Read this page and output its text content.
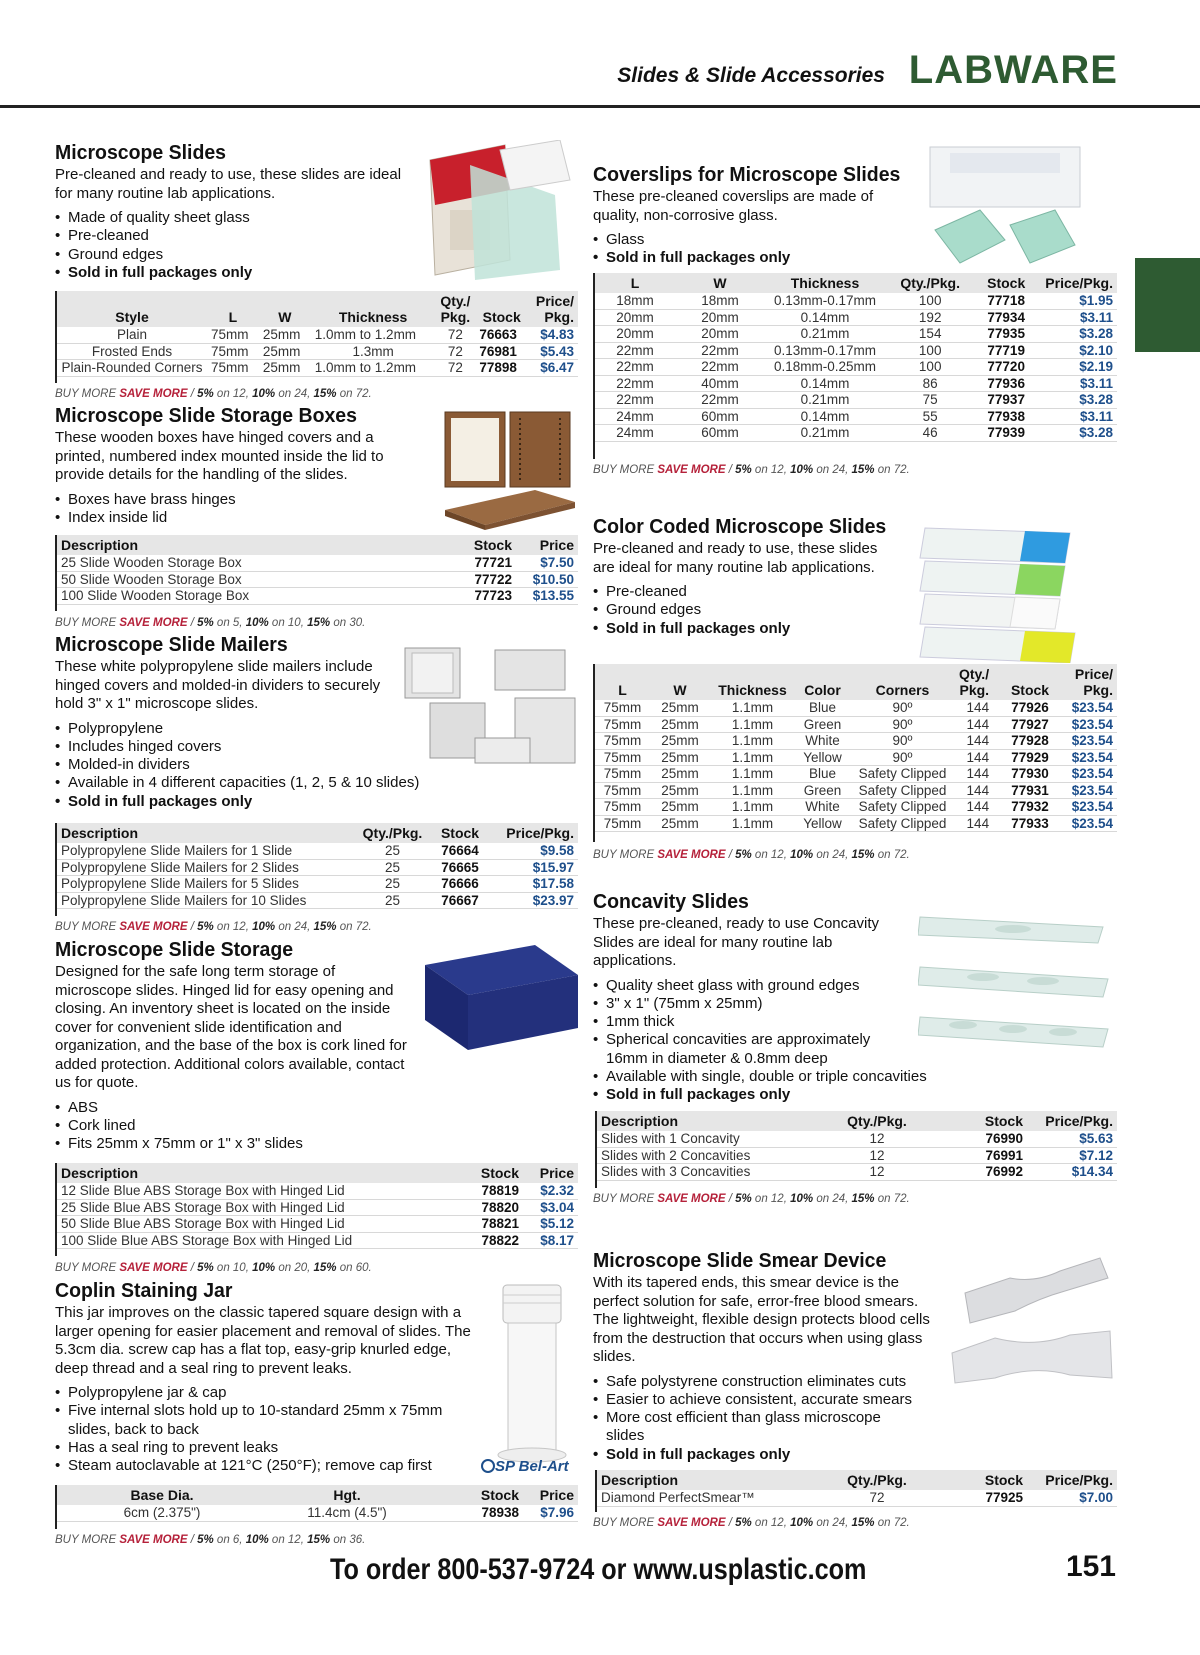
Slides & Slide Accessories LABWARE
Microscope Slides
Pre-cleaned and ready to use, these slides are ideal for many routine lab applications.
• Made of quality sheet glass
• Pre-cleaned
• Ground edges
• Sold in full packages only
Style	L	W	Thickness	Qty./ Pkg.	Stock	Price/ Pkg.
Plain	75mm	25mm	1.0mm to 1.2mm	72	76663	$4.83
Frosted Ends	75mm	25mm	1.3mm	72	76981	$5.43
Plain-Rounded Corners	75mm	25mm	1.0mm to 1.2mm	72	77898	$6.47
BUY MORE SAVE MORE / 5% on 12, 10% on 24, 15% on 72.
Microscope Slide Storage Boxes
These wooden boxes have hinged covers and a printed, numbered index mounted inside the lid to provide details for the handling of the slides.
• Boxes have brass hinges
• Index inside lid
Description	Stock	Price
25 Slide Wooden Storage Box	77721	$7.50
50 Slide Wooden Storage Box	77722	$10.50
100 Slide Wooden Storage Box	77723	$13.55
BUY MORE SAVE MORE / 5% on 5, 10% on 10, 15% on 30.
Microscope Slide Mailers
These white polypropylene slide mailers include hinged covers and molded-in dividers to securely hold 3" x 1" microscope slides.
• Polypropylene
• Includes hinged covers
• Molded-in dividers
• Available in 4 different capacities (1, 2, 5 & 10 slides)
• Sold in full packages only
Description	Qty./Pkg.	Stock	Price/Pkg.
Polypropylene Slide Mailers for 1 Slide	25	76664	$9.58
Polypropylene Slide Mailers for 2 Slides	25	76665	$15.97
Polypropylene Slide Mailers for 5 Slides	25	76666	$17.58
Polypropylene Slide Mailers for 10 Slides	25	76667	$23.97
BUY MORE SAVE MORE / 5% on 12, 10% on 24, 15% on 72.
Microscope Slide Storage
Designed for the safe long term storage of microscope slides. Hinged lid for easy opening and closing. An inventory sheet is located on the inside cover for convenient slide identification and organization, and the base of the box is cork lined for added protection. Additional colors available, contact us for quote.
• ABS
• Cork lined
• Fits 25mm x 75mm or 1" x 3" slides
Description	Stock	Price
12 Slide Blue ABS Storage Box with Hinged Lid	78819	$2.32
25 Slide Blue ABS Storage Box with Hinged Lid	78820	$3.04
50 Slide Blue ABS Storage Box with Hinged Lid	78821	$5.12
100 Slide Blue ABS Storage Box with Hinged Lid	78822	$8.17
BUY MORE SAVE MORE / 5% on 10, 10% on 20, 15% on 60.
Coplin Staining Jar
This jar improves on the classic tapered square design with a larger opening for easier placement and removal of slides. The 5.3cm dia. screw cap has a flat top, easy-grip knurled edge, deep thread and a seal ring to prevent leaks.
• Polypropylene jar & cap
• Five internal slots hold up to 10-standard 25mm x 75mm slides, back to back
• Has a seal ring to prevent leaks
• Steam autoclavable at 121°C (250°F); remove cap first	SP Bel-Art
Base Dia.	Hgt.	Stock	Price
6cm (2.375")	11.4cm (4.5")	78938	$7.96
BUY MORE SAVE MORE / 5% on 6, 10% on 12, 15% on 36.
Coverslips for Microscope Slides
These pre-cleaned coverslips are made of quality, non-corrosive glass.
• Glass
• Sold in full packages only
L	W	Thickness	Qty./Pkg.	Stock	Price/Pkg.
18mm	18mm	0.13mm-0.17mm	100	77718	$1.95
20mm	20mm	0.14mm	192	77934	$3.11
20mm	20mm	0.21mm	154	77935	$3.28
22mm	22mm	0.13mm-0.17mm	100	77719	$2.10
22mm	22mm	0.18mm-0.25mm	100	77720	$2.19
22mm	40mm	0.14mm	86	77936	$3.11
22mm	22mm	0.21mm	75	77937	$3.28
24mm	60mm	0.14mm	55	77938	$3.11
24mm	60mm	0.21mm	46	77939	$3.28
BUY MORE SAVE MORE / 5% on 12, 10% on 24, 15% on 72.
Color Coded Microscope Slides
Pre-cleaned and ready to use, these slides are ideal for many routine lab applications.
• Pre-cleaned
• Ground edges
• Sold in full packages only
L	W	Thickness	Color	Corners	Qty./ Pkg.	Stock	Price/ Pkg.
75mm	25mm	1.1mm	Blue	90º	144	77926	$23.54
75mm	25mm	1.1mm	Green	90º	144	77927	$23.54
75mm	25mm	1.1mm	White	90º	144	77928	$23.54
75mm	25mm	1.1mm	Yellow	90º	144	77929	$23.54
75mm	25mm	1.1mm	Blue	Safety Clipped	144	77930	$23.54
75mm	25mm	1.1mm	Green	Safety Clipped	144	77931	$23.54
75mm	25mm	1.1mm	White	Safety Clipped	144	77932	$23.54
75mm	25mm	1.1mm	Yellow	Safety Clipped	144	77933	$23.54
BUY MORE SAVE MORE / 5% on 12, 10% on 24, 15% on 72.
Concavity Slides
These pre-cleaned, ready to use Concavity Slides are ideal for many routine lab applications.
• Quality sheet glass with ground edges
• 3" x 1" (75mm x 25mm)
• 1mm thick
• Spherical concavities are approximately 16mm in diameter & 0.8mm deep
• Available with single, double or triple concavities
• Sold in full packages only
Description	Qty./Pkg.	Stock	Price/Pkg.
Slides with 1 Concavity	12	76990	$5.63
Slides with 2 Concavities	12	76991	$7.12
Slides with 3 Concavities	12	76992	$14.34
BUY MORE SAVE MORE / 5% on 12, 10% on 24, 15% on 72.
Microscope Slide Smear Device
With its tapered ends, this smear device is the perfect solution for safe, error-free blood smears. The lightweight, flexible design protects blood cells from the destruction that occurs when using glass slides.
• Safe polystyrene construction eliminates cuts
• Easier to achieve consistent, accurate smears
• More cost efficient than glass microscope slides
• Sold in full packages only
Description	Qty./Pkg.	Stock	Price/Pkg.
Diamond PerfectSmear™	72	77925	$7.00
BUY MORE SAVE MORE / 5% on 12, 10% on 24, 15% on 72.
To order 800-537-9724 or www.usplastic.com	151
